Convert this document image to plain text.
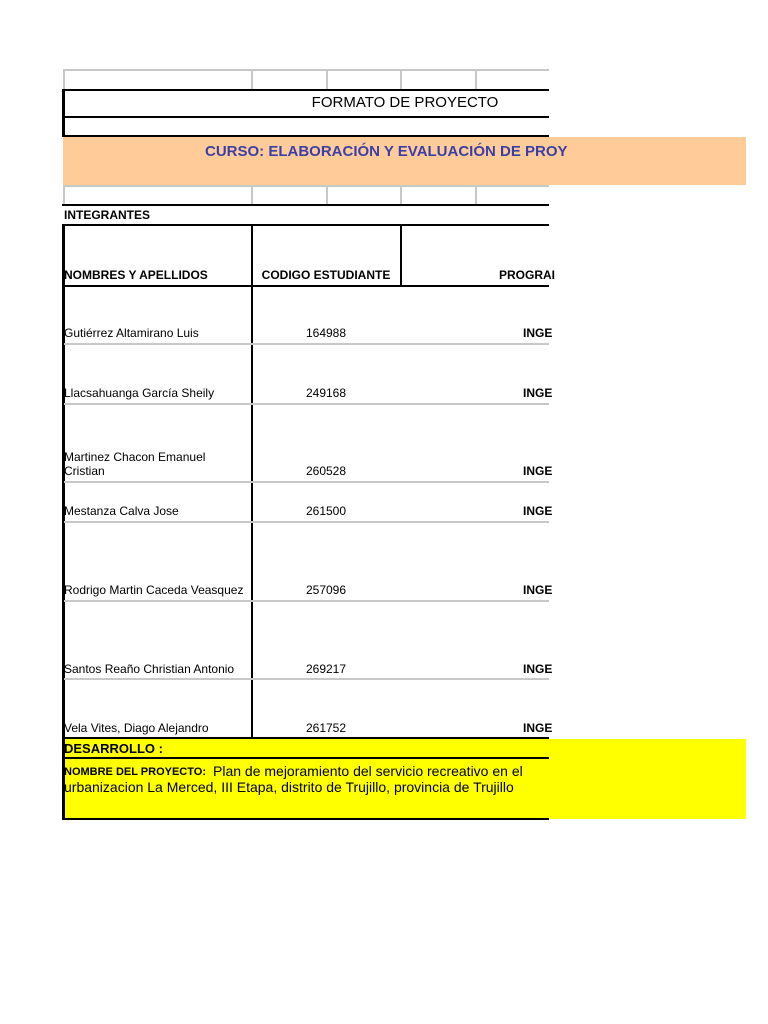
FORMATO DE PROYECTO
CURSO: ELABORACIÓN Y EVALUACIÓN DE PROY
INTEGRANTES
NOMBRES Y APELLIDOS	CODIGO ESTUDIANTE	PROGRAI
Gutiérrez Altamirano Luis	164988	INGE
Llacsahuanga García Sheily	249168	INGE
Martinez Chacon Emanuel
Cristian	260528	INGE
Mestanza Calva Jose	261500	INGE
Rodrigo Martin Caceda Veasquez	257096	INGE
Santos Reaño Christian Antonio	269217	INGE
Vela Vites, Diago Alejandro	261752	INGE
DESARROLLO :
NOMBRE DEL PROYECTO: Plan de mejoramiento del servicio recreativo en el
urbanizacion La Merced, III Etapa, distrito de Trujillo, provincia de Trujillo
